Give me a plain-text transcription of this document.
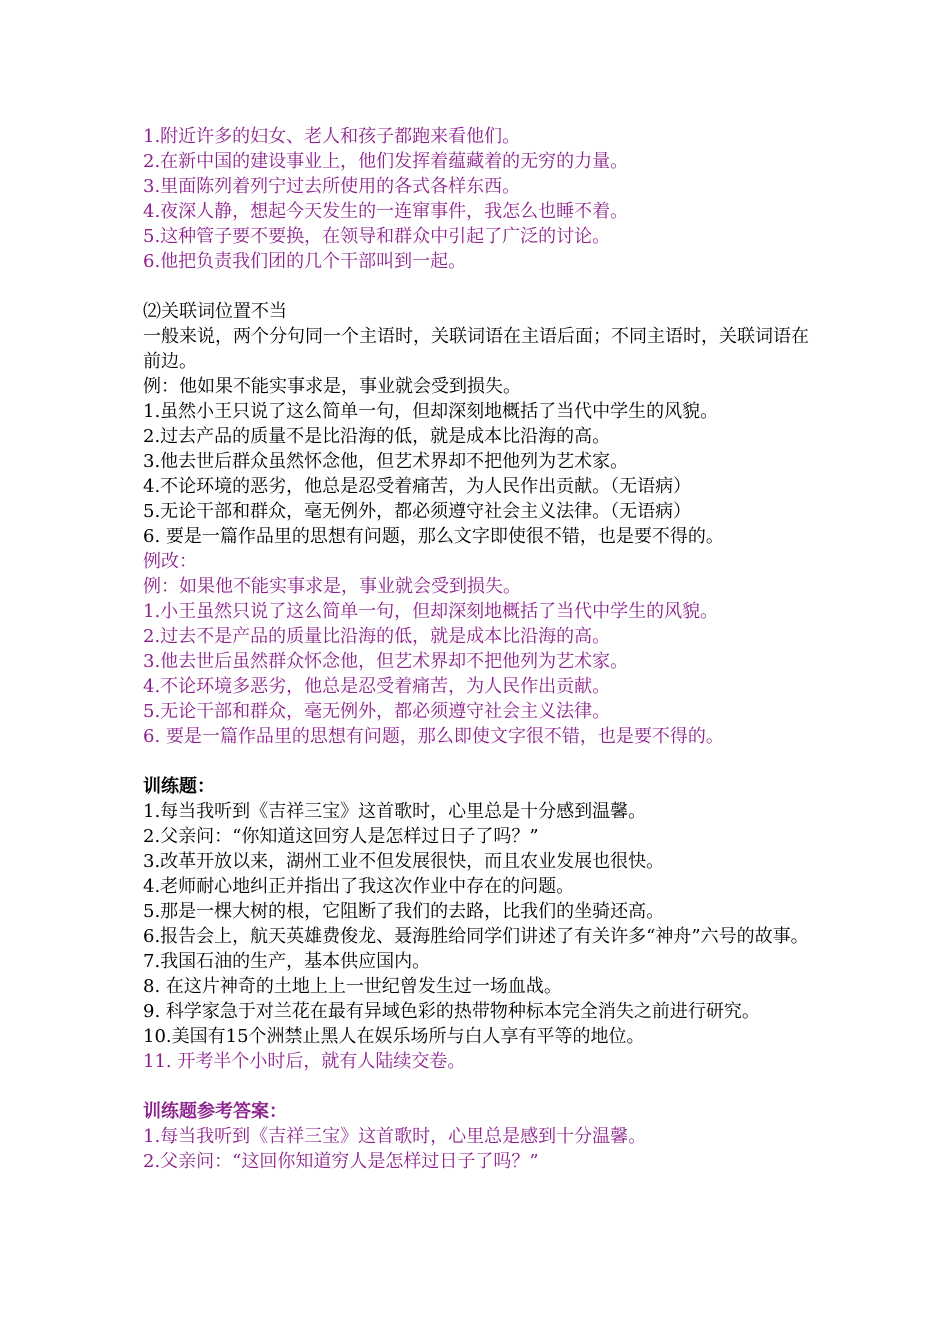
1.附近许多的妇女、老人和孩子都跑来看他们。

2.在新中国的建设事业上，他们发挥着蕴藏着的无穷的力量。

3.里面陈列着列宁过去所使用的各式各样东西。

4.夜深人静，想起今天发生的一连窜事件，我怎么也睡不着。

5.这种管子要不要换，在领导和群众中引起了广泛的讨论。

6.他把负责我们团的几个干部叫到一起。

⑵关联词位置不当

一般来说，两个分句同一个主语时，关联词语在主语后面；不同主语时，关联词语在前边。

例：他如果不能实事求是，事业就会受到损失。

1.虽然小王只说了这么简单一句，但却深刻地概括了当代中学生的风貌。

2.过去产品的质量不是比沿海的低，就是成本比沿海的高。

3.他去世后群众虽然怀念他，但艺术界却不把他列为艺术家。

4.不论环境的恶劣，他总是忍受着痛苦，为人民作出贡献。（无语病）

5.无论干部和群众，毫无例外，都必须遵守社会主义法律。（无语病）

6. 要是一篇作品里的思想有问题，那么文字即使很不错，也是要不得的。

例改：

例：如果他不能实事求是，事业就会受到损失。

1.小王虽然只说了这么简单一句，但却深刻地概括了当代中学生的风貌。

2.过去不是产品的质量比沿海的低，就是成本比沿海的高。

3.他去世后虽然群众怀念他，但艺术界却不把他列为艺术家。

4.不论环境多恶劣，他总是忍受着痛苦，为人民作出贡献。

5.无论干部和群众，毫无例外，都必须遵守社会主义法律。

6. 要是一篇作品里的思想有问题，那么即使文字很不错，也是要不得的。

训练题：

1.每当我听到《吉祥三宝》这首歌时，心里总是十分感到温馨。

2.父亲问：“你知道这回穷人是怎样过日子了吗？”

3.改革开放以来，湖州工业不但发展很快，而且农业发展也很快。

4.老师耐心地纠正并指出了我这次作业中存在的问题。

5.那是一棵大树的根，它阻断了我们的去路，比我们的坐骑还高。

6.报告会上，航天英雄费俊龙、聂海胜给同学们讲述了有关许多“神舟”六号的故事。

7.我国石油的生产，基本供应国内。

8. 在这片神奇的土地上上一世纪曾发生过一场血战。

9. 科学家急于对兰花在最有异域色彩的热带物种标本完全消失之前进行研究。

10.美国有15个洲禁止黑人在娱乐场所与白人享有平等的地位。

11. 开考半个小时后，就有人陆续交卷。

训练题参考答案：

1.每当我听到《吉祥三宝》这首歌时，心里总是感到十分温馨。

2.父亲问：“这回你知道穷人是怎样过日子了吗？”
